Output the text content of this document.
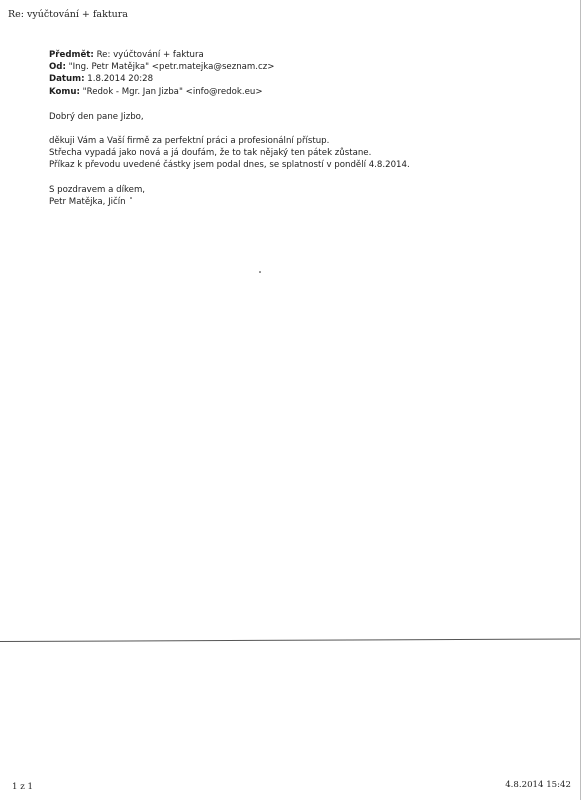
Re: vyúčtování + faktura
Předmět: Re: vyúčtování + faktura
Od: "Ing. Petr Matějka" <petr.matejka@seznam.cz>
Datum: 1.8.2014 20:28
Komu: "Redok - Mgr. Jan Jizba" <info@redok.eu>
Dobrý den pane Jizbo,
děkuji Vám a Vaší firmě za perfektní práci a profesionální přístup.
Střecha vypadá jako nová a já doufám, že to tak nějaký ten pátek zůstane.
Příkaz k převodu uvedené částky jsem podal dnes, se splatností v pondělí 4.8.2014.
S pozdravem a díkem,
Petr Matějka, Jičín
1 z 1	4.8.2014 15:42
